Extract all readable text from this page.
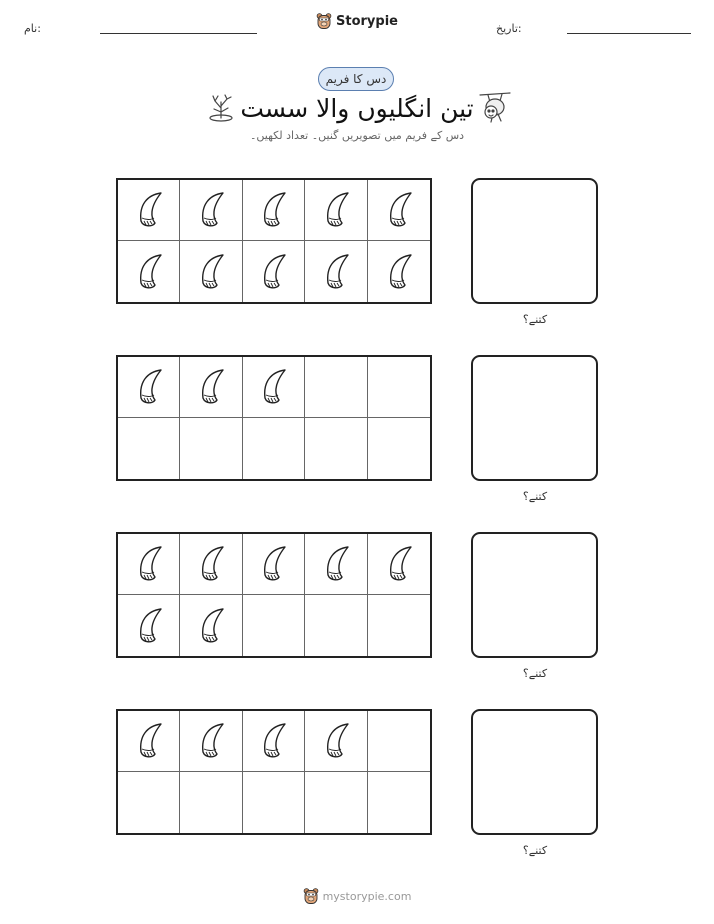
نام:	Storypie	تاریخ:
دس کا فریم
تین انگلیوں والا سست
دس کے فریم میں تصویریں گنیں۔ تعداد لکھیں۔
کتنے؟
کتنے؟
کتنے؟
کتنے؟
mystorypie.com
